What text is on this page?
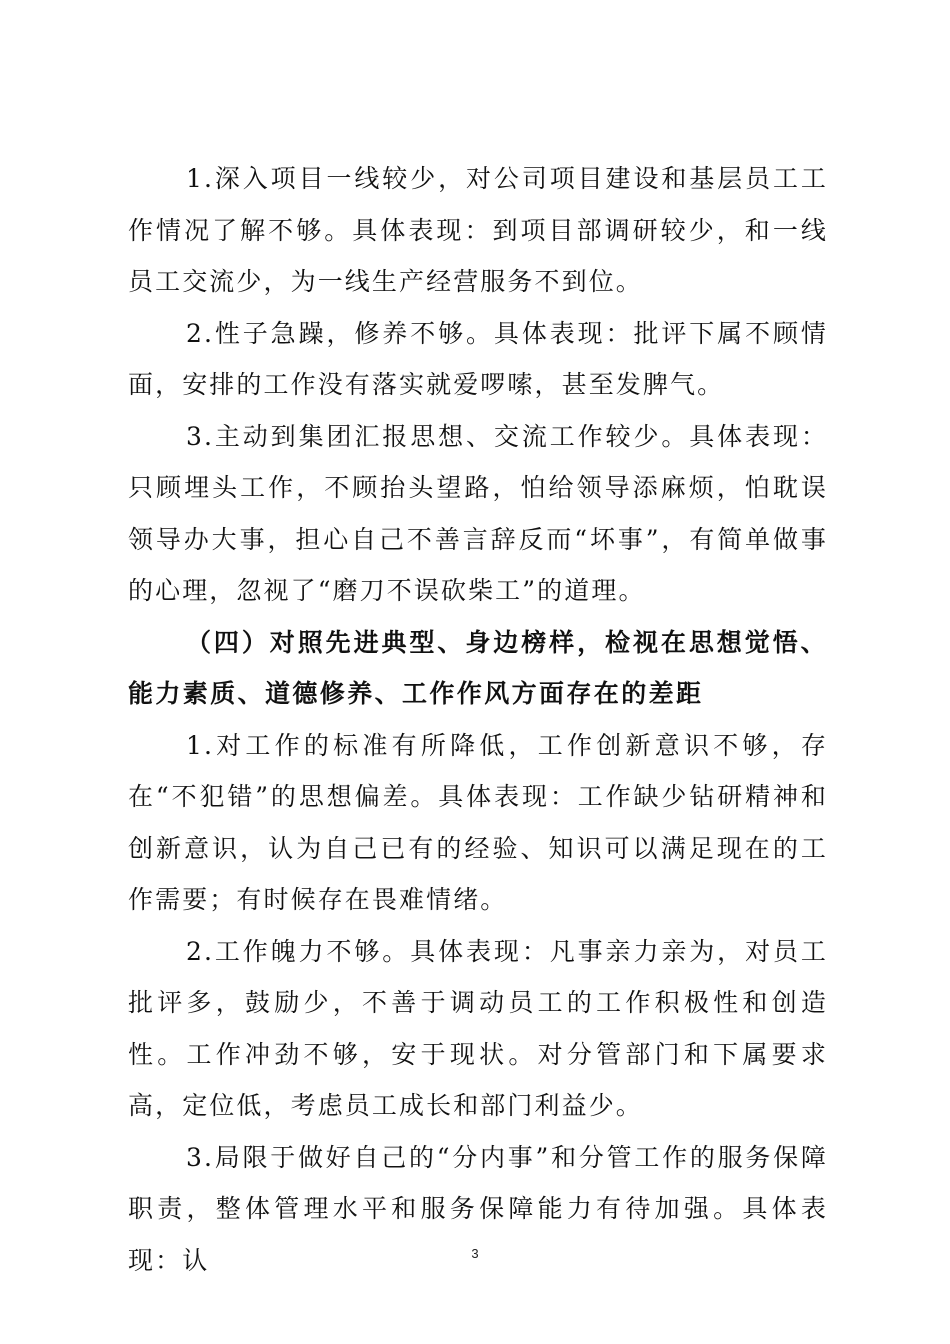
1.深入项目一线较少，对公司项目建设和基层员工工作情况了解不够。具体表现：到项目部调研较少，和一线员工交流少，为一线生产经营服务不到位。

2.性子急躁，修养不够。具体表现：批评下属不顾情面，安排的工作没有落实就爱啰嗦，甚至发脾气。

3.主动到集团汇报思想、交流工作较少。具体表现：只顾埋头工作，不顾抬头望路，怕给领导添麻烦，怕耽误领导办大事，担心自己不善言辞反而“坏事”，有简单做事的心理，忽视了“磨刀不误砍柴工”的道理。

（四）对照先进典型、身边榜样，检视在思想觉悟、能力素质、道德修养、工作作风方面存在的差距

1.对工作的标准有所降低，工作创新意识不够，存在“不犯错”的思想偏差。具体表现：工作缺少钻研精神和创新意识，认为自己已有的经验、知识可以满足现在的工作需要；有时候存在畏难情绪。

2.工作魄力不够。具体表现：凡事亲力亲为，对员工批评多，鼓励少，不善于调动员工的工作积极性和创造性。工作冲劲不够，安于现状。对分管部门和下属要求高，定位低，考虑员工成长和部门利益少。

3.局限于做好自己的“分内事”和分管工作的服务保障职责，整体管理水平和服务保障能力有待加强。具体表现：认	3
